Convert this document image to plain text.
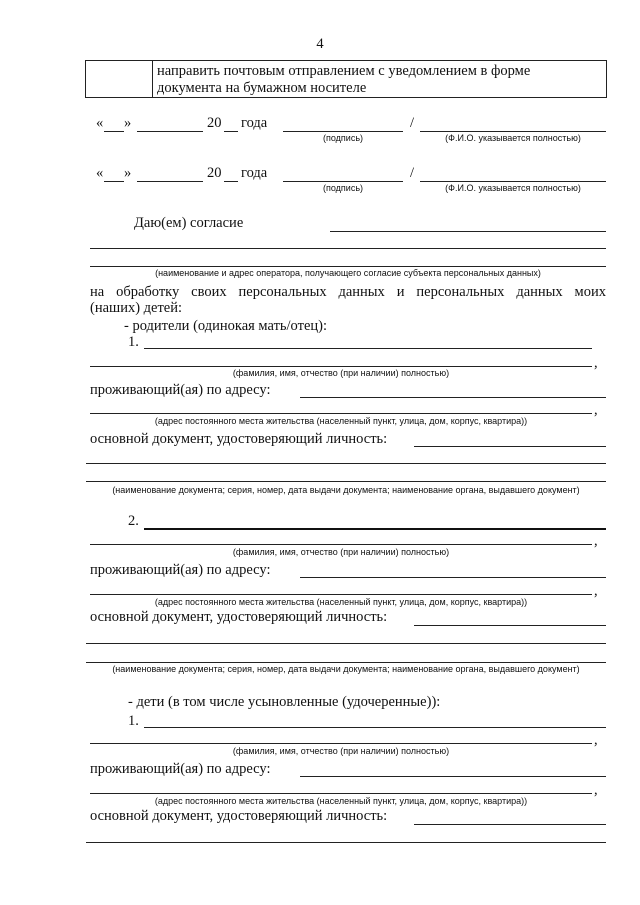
4

направить почтовым отправлением с уведомлением в форме
документа на бумажном носителе
« »	20 года	/
(подпись)	(Ф.И.О. указывается полностью)
« »	20 года	/
(подпись)	(Ф.И.О. указывается полностью)
Даю(ем) согласие
(наименование и адрес оператора, получающего согласие субъекта персональных данных)
на обработку своих персональных данных и персональных данных моих
(наших) детей:
- родители (одинокая мать/отец):
1.
,
(фамилия, имя, отчество (при наличии) полностью)
проживающий(ая) по адресу:
,
(адрес постоянного места жительства (населенный пункт, улица, дом, корпус, квартира))
основной документ, удостоверяющий личность:
(наименование документа; серия, номер, дата выдачи документа; наименование органа, выдавшего документ)
2.
,
(фамилия, имя, отчество (при наличии) полностью)
проживающий(ая) по адресу:
,
(адрес постоянного места жительства (населенный пункт, улица, дом, корпус, квартира))
основной документ, удостоверяющий личность:
(наименование документа; серия, номер, дата выдачи документа; наименование органа, выдавшего документ)
- дети (в том числе усыновленные (удочеренные)):
1.
,
(фамилия, имя, отчество (при наличии) полностью)
проживающий(ая) по адресу:
,
(адрес постоянного места жительства (населенный пункт, улица, дом, корпус, квартира))
основной документ, удостоверяющий личность:
